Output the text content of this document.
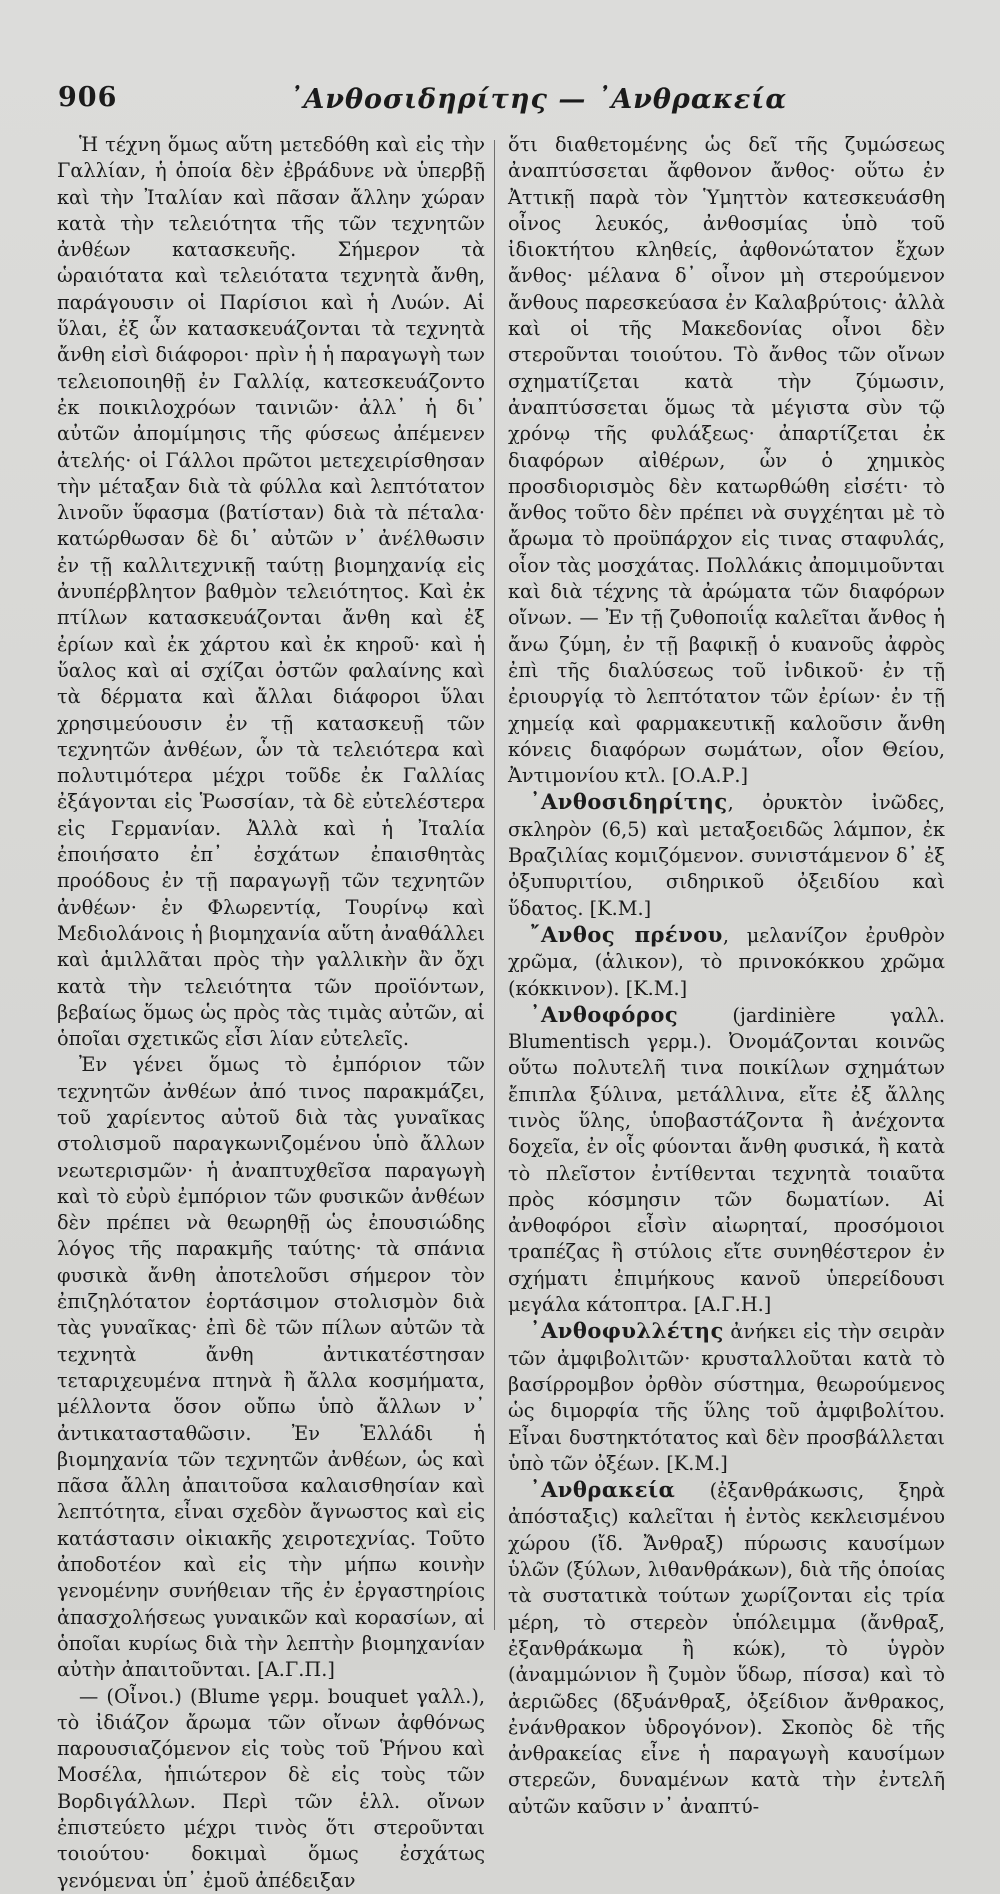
906	᾿Ανθοσιδηρίτης — ᾿Ανθρακεία

Ἡ τέχνη ὅμως αὕτη μετεδόθη καὶ εἰς τὴν Γαλλίαν, ἡ ὁποία δὲν ἐβράδυνε νὰ ὑπερβῇ καὶ τὴν Ἰταλίαν καὶ πᾶσαν ἄλλην χώραν κατὰ τὴν τελειότητα τῆς τῶν τεχνητῶν ἀνθέων κατασκευῆς. Σήμερον τὰ ὡραιότατα καὶ τελειότατα τεχνητὰ ἄνθη, παράγουσιν οἱ Παρίσιοι καὶ ἡ Λυών. Αἱ ὕλαι, ἐξ ὧν κατασκευάζονται τὰ τεχνητὰ ἄνθη εἰσὶ διάφοροι· πρὶν ἡ ἡ παραγωγὴ των τελειοποιηθῇ ἐν Γαλλίᾳ, κατεσκευάζοντο ἐκ ποικιλοχρόων ταινιῶν· ἀλλ᾿ ἡ δι᾿ αὐτῶν ἀπομίμησις τῆς φύσεως ἀπέμενεν ἀτελής· οἱ Γάλλοι πρῶτοι μετεχειρίσθησαν τὴν μέταξαν διὰ τὰ φύλλα καὶ λεπτότατον λινοῦν ὕφασμα (βατίσταν) διὰ τὰ πέταλα· κατώρθωσαν δὲ δι᾿ αὐτῶν ν᾿ ἀνέλθωσιν ἐν τῇ καλλιτεχνικῇ ταύτῃ βιομηχανίᾳ εἰς ἀνυπέρβλητον βαθμὸν τελειότητος. Καὶ ἐκ πτίλων κατασκευάζονται ἄνθη καὶ ἐξ ἐρίων καὶ ἐκ χάρτου καὶ ἐκ κηροῦ· καὶ ἡ ὕαλος καὶ αἱ σχίζαι ὀστῶν φαλαίνης καὶ τὰ δέρματα καὶ ἄλλαι διάφοροι ὕλαι χρησιμεύουσιν ἐν τῇ κατασκευῇ τῶν τεχνητῶν ἀνθέων, ὧν τὰ τελειότερα καὶ πολυτιμότερα μέχρι τοῦδε ἐκ Γαλλίας ἐξάγονται εἰς Ῥωσσίαν, τὰ δὲ εὐτελέστερα εἰς Γερμανίαν. Ἀλλὰ καὶ ἡ Ἰταλία ἐποιήσατο ἐπ᾿ ἐσχάτων ἐπαισθητὰς προόδους ἐν τῇ παραγωγῇ τῶν τεχνητῶν ἀνθέων· ἐν Φλωρεντίᾳ, Τουρίνῳ καὶ Μεδιολάνοις ἡ βιομηχανία αὕτη ἀναθάλλει καὶ ἁμιλλᾶται πρὸς τὴν γαλλικὴν ἂν ὄχι κατὰ τὴν τελειότητα τῶν προϊόντων, βεβαίως ὅμως ὡς πρὸς τὰς τιμὰς αὐτῶν, αἱ ὁποῖαι σχετικῶς εἶσι λίαν εὐτελεῖς.

Ἐν γένει ὅμως τὸ ἐμπόριον τῶν τεχνητῶν ἀνθέων ἀπό τινος παρακμάζει, τοῦ χαρίεντος αὐτοῦ διὰ τὰς γυναῖκας στολισμοῦ παραγκωνιζομένου ὑπὸ ἄλλων νεωτερισμῶν· ἡ ἀναπτυχθεῖσα παραγωγὴ καὶ τὸ εὐρὺ ἐμπόριον τῶν φυσικῶν ἀνθέων δὲν πρέπει νὰ θεωρηθῇ ὡς ἐπουσιώδης λόγος τῆς παρακμῆς ταύτης· τὰ σπάνια φυσικὰ ἄνθη ἀποτελοῦσι σήμερον τὸν ἐπιζηλότατον ἑορτάσιμον στολισμὸν διὰ τὰς γυναῖκας· ἐπὶ δὲ τῶν πίλων αὐτῶν τὰ τεχνητὰ ἄνθη ἀντικατέστησαν τεταριχευμένα πτηνὰ ἢ ἄλλα κοσμήματα, μέλλοντα ὅσον οὔπω ὑπὸ ἄλλων ν᾿ ἀντικατασταθῶσιν. Ἐν Ἑλλάδι ἡ βιομηχανία τῶν τεχνητῶν ἀνθέων, ὡς καὶ πᾶσα ἄλλη ἀπαιτοῦσα καλαισθησίαν καὶ λεπτότητα, εἶναι σχεδὸν ἄγνωστος καὶ εἰς κατάστασιν οἰκιακῆς χειροτεχνίας. Τοῦτο ἀποδοτέον καὶ εἰς τὴν μήπω κοινὴν γενομένην συνήθειαν τῆς ἐν ἐργαστηρίοις ἀπασχολήσεως γυναικῶν καὶ κορασίων, αἱ ὁποῖαι κυρίως διὰ τὴν λεπτὴν βιομηχανίαν αὐτὴν ἀπαιτοῦνται. [Α.Γ.Π.]

— (Οἶνοι.) (Blume γερμ. bouquet γαλλ.), τὸ ἰδιάζον ἄρωμα τῶν οἴνων ἀφθόνως παρουσιαζόμενον εἰς τοὺς τοῦ Ῥήνου καὶ Μοσέλα, ἡπιώτερον δὲ εἰς τοὺς τῶν Βορδιγάλλων. Περὶ τῶν ἑλλ. οἴνων ἐπιστεύετο μέχρι τινὸς ὅτι στεροῦνται τοιούτου· δοκιμαὶ ὅμως ἐσχάτως γενόμεναι ὑπ᾿ ἐμοῦ ἀπέδειξαν

ὅτι διαθετομένης ὡς δεῖ τῆς ζυμώσεως ἀναπτύσσεται ἄφθονον ἄνθος· οὕτω ἐν Ἀττικῇ παρὰ τὸν Ὑμηττὸν κατεσκευάσθη οἶνος λευκός, ἀνθοσμίας ὑπὸ τοῦ ἰδιοκτήτου κληθείς, ἀφθονώτατον ἔχων ἄνθος· μέλανα δ᾿ οἶνον μὴ στερούμενον ἄνθους παρεσκεύασα ἐν Καλαβρύτοις· ἀλλὰ καὶ οἱ τῆς Μακεδονίας οἶνοι δὲν στεροῦνται τοιούτου. Τὸ ἄνθος τῶν οἴνων σχηματίζεται κατὰ τὴν ζύμωσιν, ἀναπτύσσεται ὅμως τὰ μέγιστα σὺν τῷ χρόνῳ τῆς φυλάξεως· ἀπαρτίζεται ἐκ διαφόρων αἰθέρων, ὧν ὁ χημικὸς προσδιορισμὸς δὲν κατωρθώθη εἰσέτι· τὸ ἄνθος τοῦτο δὲν πρέπει νὰ συγχέηται μὲ τὸ ἄρωμα τὸ προϋπάρχον εἰς τινας σταφυλάς, οἷον τὰς μοσχάτας. Πολλάκις ἀπομιμοῦνται καὶ διὰ τέχνης τὰ ἀρώματα τῶν διαφόρων οἴνων. — Ἐν τῇ ζυθοποιΐᾳ καλεῖται ἄνθος ἡ ἄνω ζύμη, ἐν τῇ βαφικῇ ὁ κυανοῦς ἀφρὸς ἐπὶ τῆς διαλύσεως τοῦ ἰνδικοῦ· ἐν τῇ ἐριουργίᾳ τὸ λεπτότατον τῶν ἐρίων· ἐν τῇ χημείᾳ καὶ φαρμακευτικῇ καλοῦσιν ἄνθη κόνεις διαφόρων σωμάτων, οἷον Θείου, Ἀντιμονίου κτλ. [Ο.Α.Ρ.]

᾿Ανθοσιδηρίτης, ὀρυκτὸν ἰνῶδες, σκληρὸν (6,5) καὶ μεταξοειδῶς λάμπον, ἐκ Βραζιλίας κομιζόμενον. συνιστάμενον δ᾿ ἐξ ὀξυπυριτίου, σιδηρικοῦ ὀξειδίου καὶ ὕδατος. [Κ.Μ.]

῎Ανθος πρένου, μελανίζον ἐρυθρὸν χρῶμα, (ἁλικον), τὸ πρινοκόκκου χρῶμα (κόκκινον). [Κ.Μ.]

᾿Ανθοφόρος (jardinière γαλλ. Blumentisch γερμ.). Ὀνομάζονται κοινῶς οὕτω πολυτελῆ τινα ποικίλων σχημάτων ἔπιπλα ξύλινα, μετάλλινα, εἴτε ἐξ ἄλλης τινὸς ὕλης, ὑποβαστάζοντα ἢ ἀνέχοντα δοχεῖα, ἐν οἷς φύονται ἄνθη φυσικά, ἢ κατὰ τὸ πλεῖστον ἐντίθενται τεχνητὰ τοιαῦτα πρὸς κόσμησιν τῶν δωματίων. Αἱ ἀνθοφόροι εἶσὶν αἰωρηταί, προσόμοιοι τραπέζας ἢ στύλοις εἴτε συνηθέστερον ἐν σχήματι ἐπιμήκους κανοῦ ὑπερείδουσι μεγάλα κάτοπτρα. [Α.Γ.Η.]

᾿Ανθοφυλλέτης ἀνήκει εἰς τὴν σειρὰν τῶν ἀμφιβολιτῶν· κρυσταλλοῦται κατὰ τὸ βασίρρομβον ὀρθὸν σύστημα, θεωρούμενος ὡς διμορφία τῆς ὕλης τοῦ ἀμφιβολίτου. Εἶναι δυστηκτότατος καὶ δὲν προσβάλλεται ὑπὸ τῶν ὀξέων. [Κ.Μ.]

᾿Ανθρακεία (ἐξανθράκωσις, ξηρὰ ἀπόσταξις) καλεῖται ἡ ἐντὸς κεκλεισμένου χώρου (ἴδ. Ἄνθραξ) πύρωσις καυσίμων ὑλῶν (ξύλων, λιθανθράκων), διὰ τῆς ὁποίας τὰ συστατικὰ τούτων χωρίζονται εἰς τρία μέρη, τὸ στερεὸν ὑπόλειμμα (ἄνθραξ, ἐξανθράκωμα ἢ κώκ), τὸ ὑγρὸν (ἀναμμώνιον ἢ ζυμὸν ὕδωρ, πίσσα) καὶ τὸ ἀεριῶδες (δξυάνθραξ, ὀξείδιον ἄνθρακος, ἐνάνθρακον ὑδρογόνον). Σκοπὸς δὲ τῆς ἀνθρακείας εἶνε ἡ παραγωγὴ καυσίμων στερεῶν, δυναμένων κατὰ τὴν ἐντελῆ αὐτῶν καῦσιν ν᾿ ἀναπτύ-
